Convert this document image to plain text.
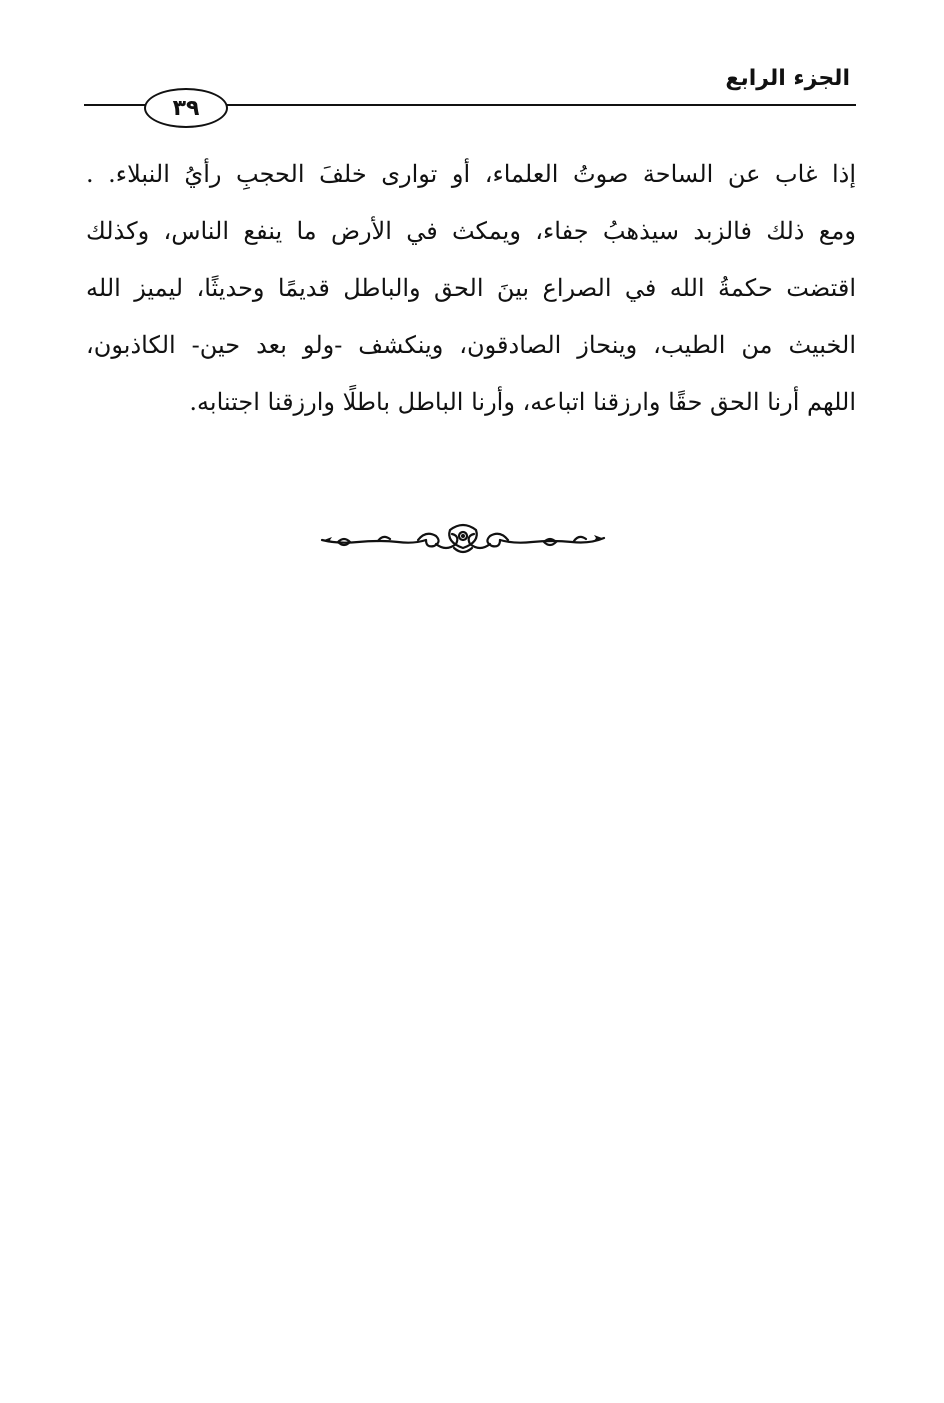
الجزء الرابع
٣٩
إذا غاب عن الساحة صوتُ العلماء، أو توارى خلفَ الحجبِ رأيُ النبلاء. .
ومع ذلك فالزبد سيذهبُ جفاء، ويمكث في الأرض ما ينفع الناس، وكذلك
اقتضت حكمةُ الله في الصراع بينَ الحق والباطل قديمًا وحديثًا، ليميز الله
الخبيث من الطيب، وينحاز الصادقون، وينكشف -ولو بعد حين- الكاذبون،
اللهم أرنا الحق حقًا وارزقنا اتباعه، وأرنا الباطل باطلًا وارزقنا اجتنابه.
